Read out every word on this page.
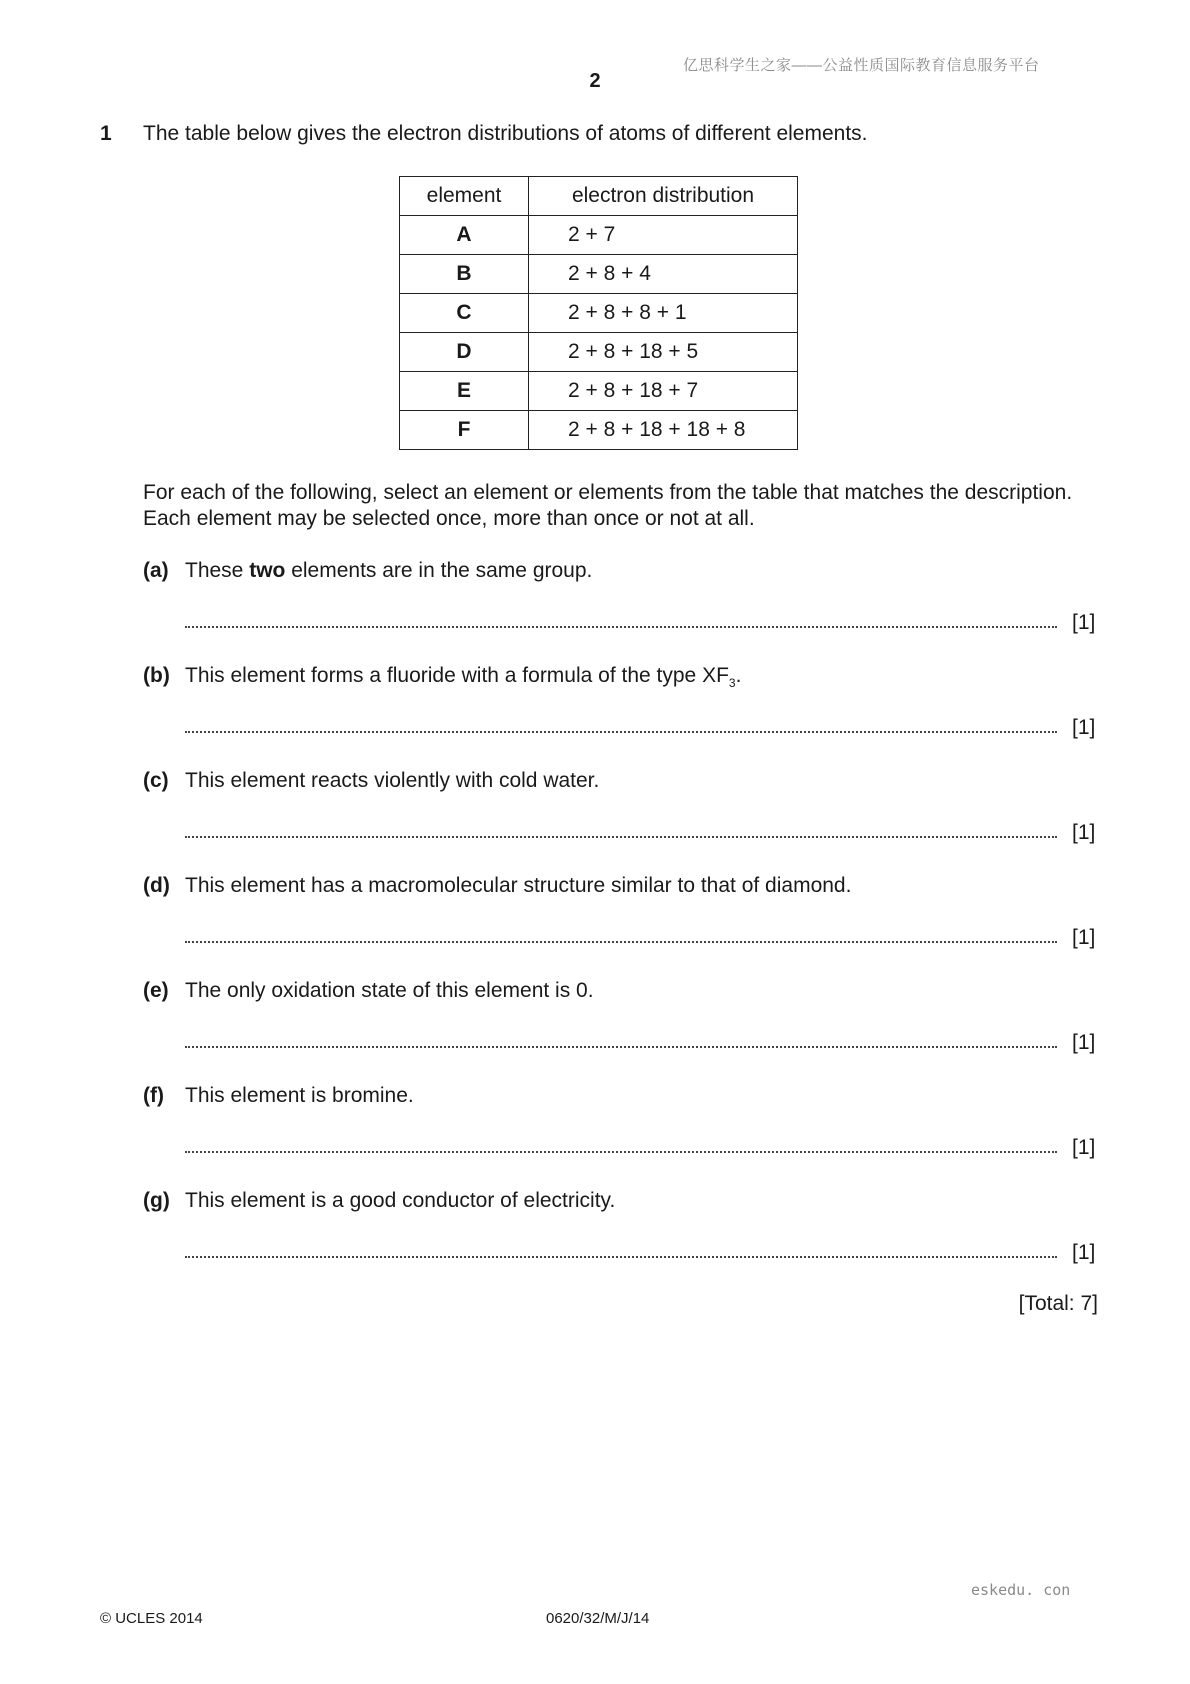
亿思科学生之家——公益性质国际教育信息服务平台
2
1 The table below gives the electron distributions of atoms of different elements.
element	electron distribution
A	2 + 7
B	2 + 8 + 4
C	2 + 8 + 8 + 1
D	2 + 8 + 18 + 5
E	2 + 8 + 18 + 7
F	2 + 8 + 18 + 18 + 8
For each of the following, select an element or elements from the table that matches the description.
Each element may be selected once, more than once or not at all.
(a) These two elements are in the same group.
[1]
(b) This element forms a fluoride with a formula of the type $XF_3$.
[1]
(c) This element reacts violently with cold water.
[1]
(d) This element has a macromolecular structure similar to that of diamond.
[1]
(e) The only oxidation state of this element is 0.
[1]
(f) This element is bromine.
[1]
(g) This element is a good conductor of electricity.
[1]
[Total: 7]
eskedu. con
© UCLES 2014	0620/32/M/J/14
